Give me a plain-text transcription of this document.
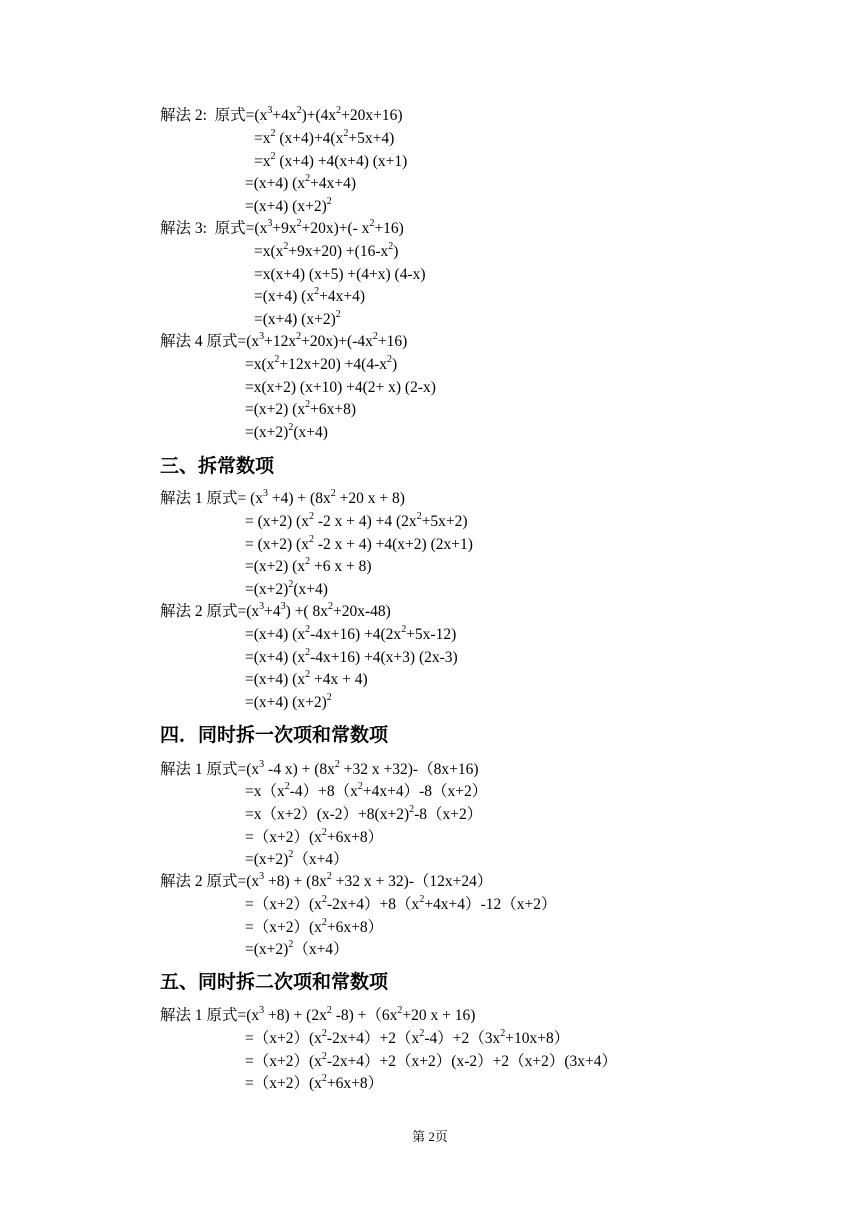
解法 2:  原式$=(x^3+4x^2)+(4x^2+20x+16)$
$=x^2$ $(x+4)+4(x^2+5x+4)$
$=x^2$ (x+4) +4(x+4) (x+1)
=(x+4) $(x^2+4x+4)$
=(x+4) $(x+2)^2$
解法 3:  原式$=(x^3+9x^2+20x)+(-$ $x^2+16$)
$=x(x^2+9x+20) +(16-x^2)$
=x(x+4) (x+5) +(4+x) (4-x)
=(x+4) $(x^2+4x+4)$
=(x+4) $(x+2)^2$
解法 4 原式$=(x^3+12x^2+20x)+(-4x^2+16)$
$=x(x^2+12x+20) +4(4-x^2)$
=x(x+2) (x+10) +4(2+ x) (2-x)
=(x+2) $(x^2+6x+8)$
$=(x+2)^2(x+4)$
三、拆常数项
解法 1 原式= $(x^3 +4) + (8x^2 +20$ x + 8)
= (x+2) ($x^2$ -2 x + 4) +4 $(2x^2+5x+2)$
= (x+2) ($x^2$ -2 x + 4) +4(x+2) (2x+1)
=(x+2) ($x^2 +6$ x + 8)
$=(x+2)^2(x+4)$
解法 2 原式$=(x^3+4^3)$ +( $8x^2+20x-48$)
=(x+4) $(x^2-4x+16) +4(2x^2+5x-12)$
=(x+4) $(x^2-4x+16) +4(x+3)$ (2x-3)
=(x+4) $(x^2 +4x + 4)$
=(x+4) $(x+2)^2$
四．同时拆一次项和常数项
解法 1 原式$=(x^3$ -4 $x) + (8x^2 +32$ x +32)-（8x+16)
$=x(x^2-4)+8(x^2+4x+4)-8(x+2)$
$=x(x+2)(x-2)+8(x+2)^2-8(x+2)$
$=(x+2)(x^2+6x+8)$
$=(x+2)^2(x+4)$
解法 2 原式$=(x^3 +8) + (8x^2 +32$ x + 32)-（12x+24）
$=(x+2)(x^2-2x+4)+8(x^2+4x+4)-12(x+2)$
$=(x+2)(x^2+6x+8)$
$=(x+2)^2(x+4)$
五、同时拆二次项和常数项
解法 1 原式$=(x^3 +8) + (2x^2$ $-8) +(6x^2+20$ x + 16)
$=(x+2)(x^2-2x+4)+2(x^2-4)+2(3x^2+10x+8)$
$=(x+2)(x^2-2x+4)+2(x+2)(x-2)+2(x+2)(3x+4)$
$=(x+2)(x^2+6x+8)$
第 2页
